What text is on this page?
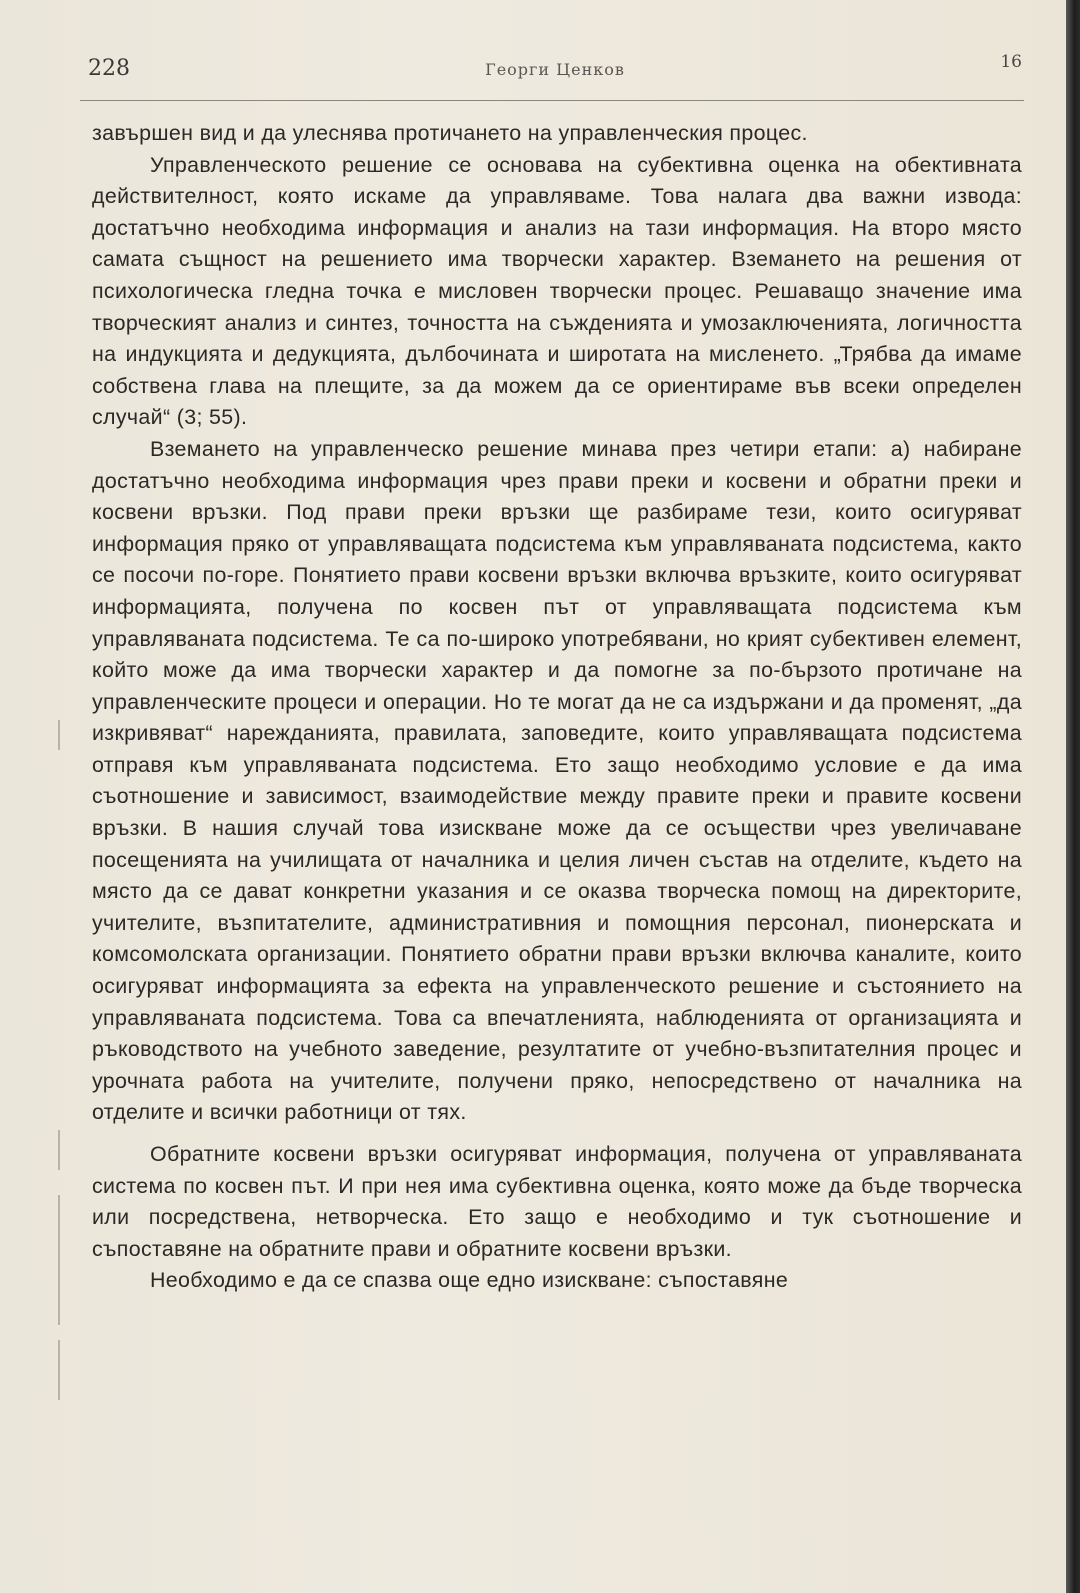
228	Георги Ценков	16

завършен вид и да улеснява протичането на управленческия процес.

Управленческото решение се основава на субективна оценка на обективната действителност, която искаме да управляваме. Това налага два важни извода: достатъчно необходима информация и анализ на тази информация. На второ място самата същност на решението има творчески характер. Вземането на решения от психологическа гледна точка е мисловен творчески процес. Решаващо значение има творческият анализ и синтез, точността на съжденията и умозаключенията, логичността на индукцията и дедукцията, дълбочината и широтата на мисленето. „Трябва да имаме собствена глава на плещите, за да можем да се ориентираме във всеки определен случай“ (3; 55).

Вземането на управленческо решение минава през четири етапи: а) набиране достатъчно необходима информация чрез прави преки и косвени и обратни преки и косвени връзки. Под прави преки връзки ще разбираме тези, които осигуряват информация пряко от управляващата подсистема към управляваната подсистема, както се посочи по-горе. Понятието прави косвени връзки включва връзките, които осигуряват информацията, получена по косвен път от управляващата подсистема към управляваната подсистема. Те са по-широко употребявани, но крият субективен елемент, който може да има творчески характер и да помогне за по-бързото протичане на управленческите процеси и операции. Но те могат да не са издържани и да променят, „да изкривяват“ нарежданията, правилата, заповедите, които управляващата подсистема отправя към управляваната подсистема. Ето защо необходимо условие е да има съотношение и зависимост, взаимодействие между правите преки и правите косвени връзки. В нашия случай това изискване може да се осъществи чрез увеличаване посещенията на училищата от началника и целия личен състав на отделите, където на място да се дават конкретни указания и се оказва творческа помощ на директорите, учителите, възпитателите, административния и помощния персонал, пионерската и комсомолската организации. Понятието обратни прави връзки включва каналите, които осигуряват информацията за ефекта на управленческото решение и състоянието на управляваната подсистема. Това са впечатленията, наблюденията от организацията и ръководството на учебното заведение, резултатите от учебно-възпитателния процес и урочната работа на учителите, получени пряко, непосредствено от началника на отделите и всички работници от тях.

Обратните косвени връзки осигуряват информация, получена от управляваната система по косвен път. И при нея има субективна оценка, която може да бъде творческа или посредствена, нетворческа. Ето защо е необходимо и тук съотношение и съпоставяне на обратните прави и обратните косвени връзки.

Необходимо е да се спазва още едно изискване: съпоставяне
